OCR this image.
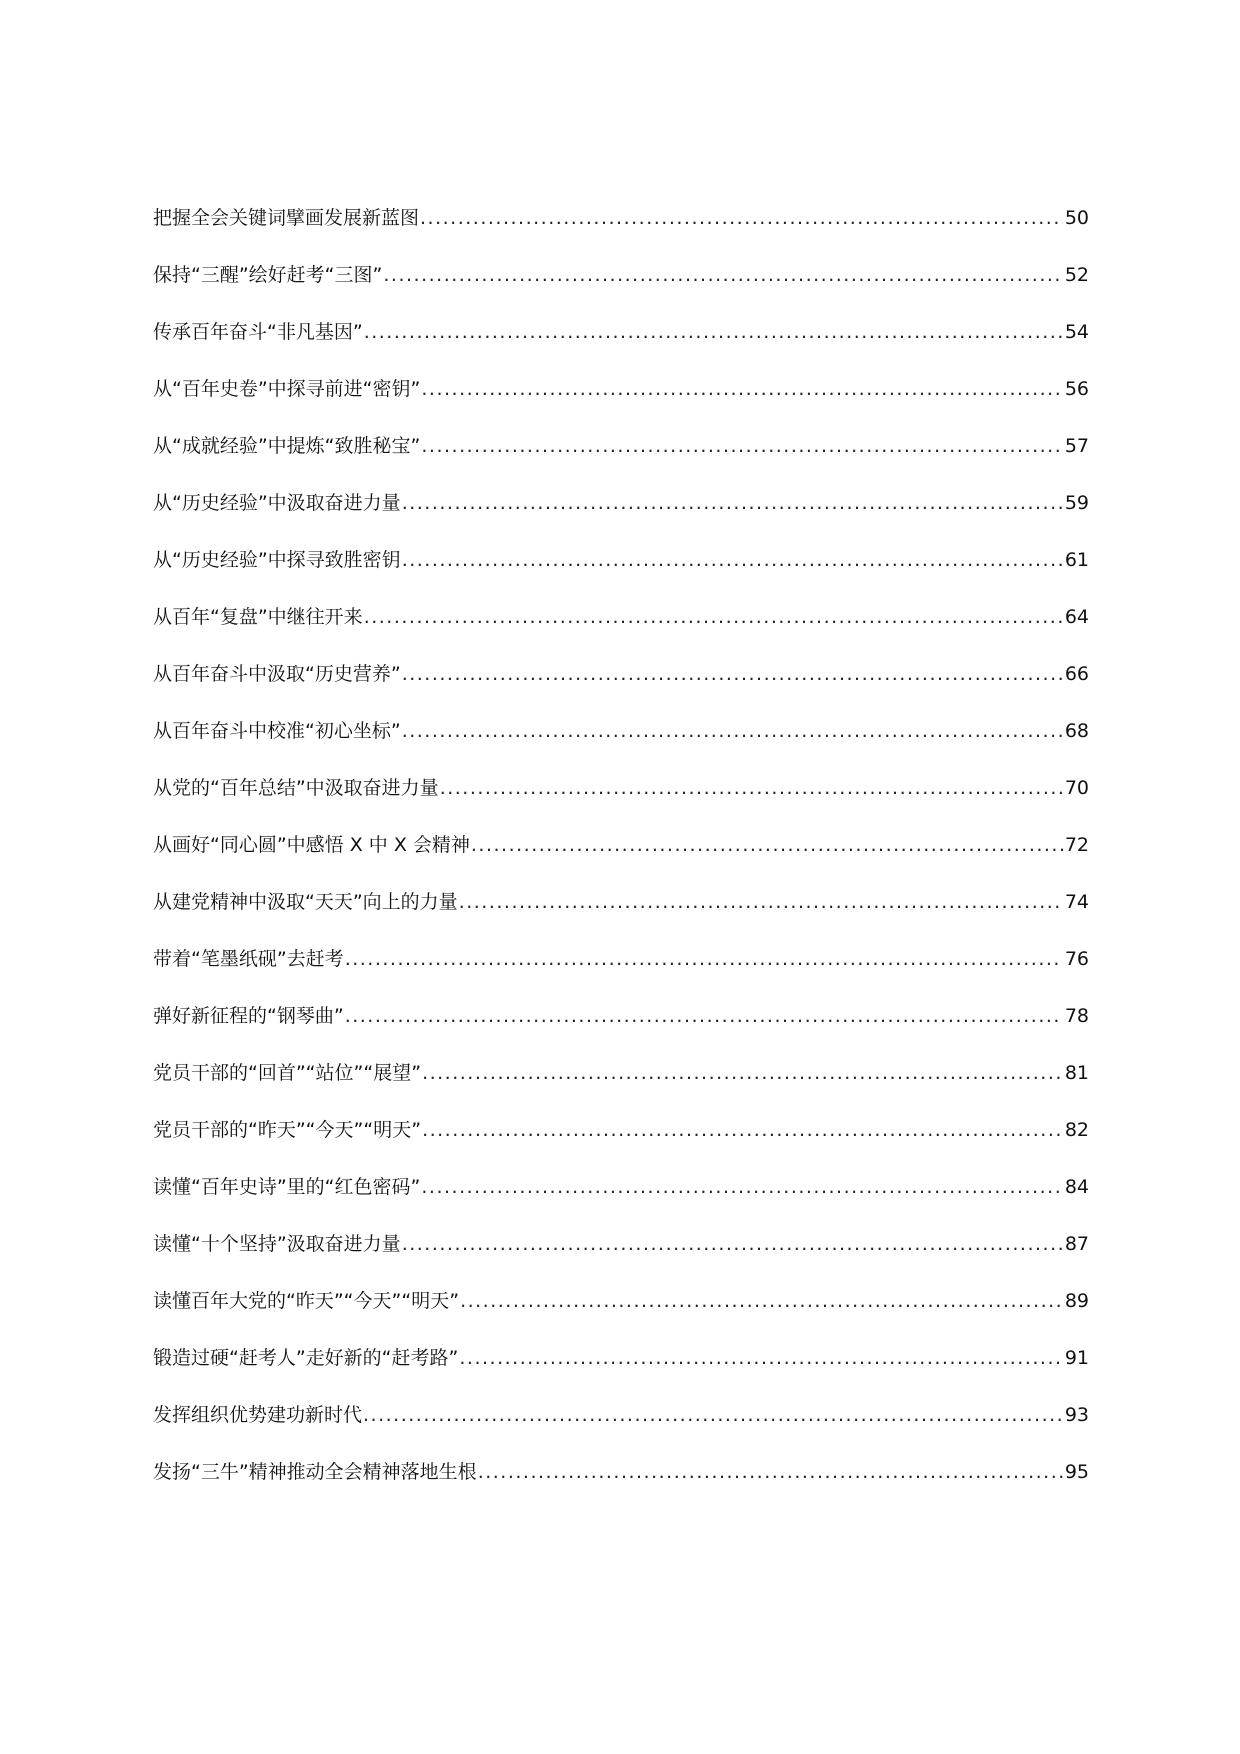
把握全会关键词擘画发展新蓝图 .....	50
保持“三醒”绘好赶考“三图” .....	52
传承百年奋斗“非凡基因” .....	54
从“百年史卷”中探寻前进“密钥” .....	56
从“成就经验”中提炼“致胜秘宝” .....	57
从“历史经验”中汲取奋进力量 .....	59
从“历史经验”中探寻致胜密钥 .....	61
从百年“复盘”中继往开来 .....	64
从百年奋斗中汲取“历史营养” .....	66
从百年奋斗中校准“初心坐标” .....	68
从党的“百年总结”中汲取奋进力量 .....	70
从画好“同心圆”中感悟 X 中 X 会精神 .....	72
从建党精神中汲取“天天”向上的力量 .....	74
带着“笔墨纸砚”去赶考 .....	76
弹好新征程的“钢琴曲” .....	78
党员干部的“回首”“站位”“展望” .....	81
党员干部的“昨天”“今天”“明天” .....	82
读懂“百年史诗”里的“红色密码” .....	84
读懂“十个坚持”汲取奋进力量 .....	87
读懂百年大党的“昨天”“今天”“明天” .....	89
锻造过硬“赶考人”走好新的“赶考路” .....	91
发挥组织优势建功新时代 .....	93
发扬“三牛”精神推动全会精神落地生根 .....	95
